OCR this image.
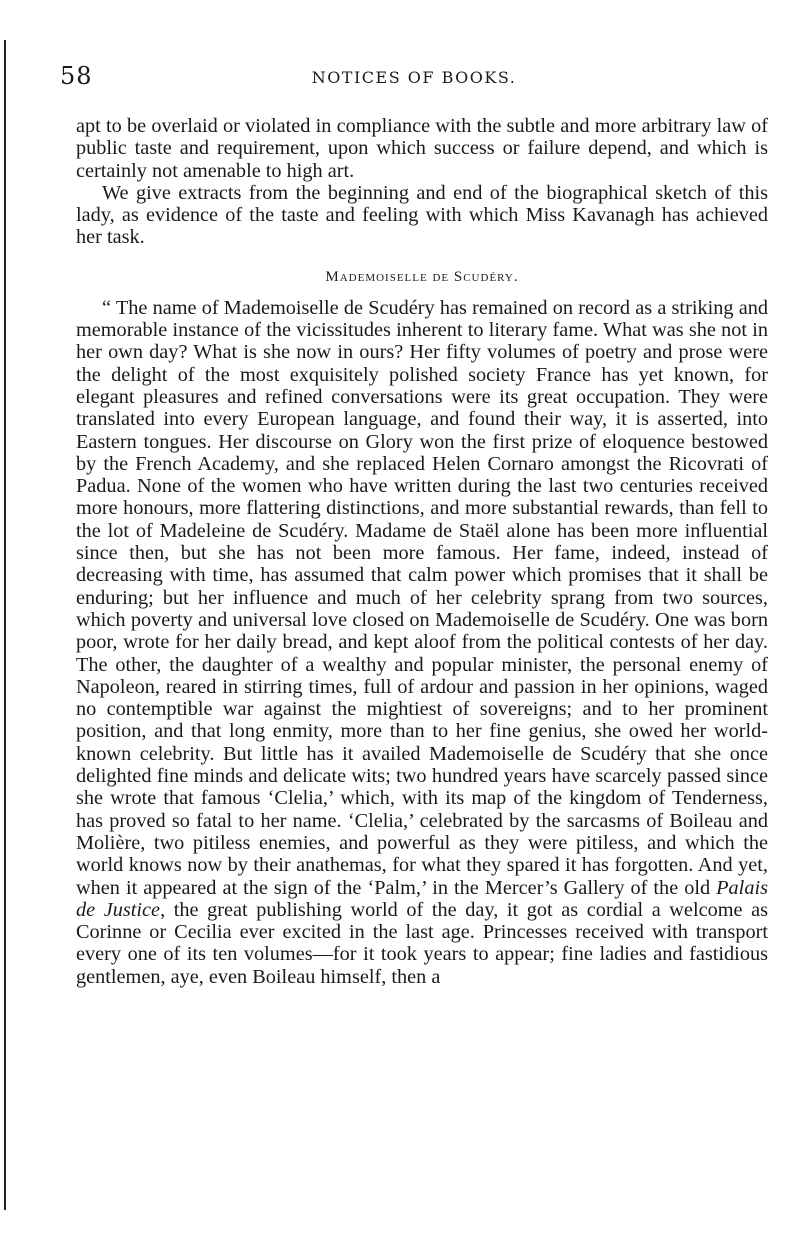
58	NOTICES OF BOOKS.

apt to be overlaid or violated in compliance with the subtle and more arbitrary law of public taste and requirement, upon which success or failure depend, and which is certainly not amenable to high art.

We give extracts from the beginning and end of the biographical sketch of this lady, as evidence of the taste and feeling with which Miss Kavanagh has achieved her task.

Mademoiselle de Scudéry.

“ The name of Mademoiselle de Scudéry has remained on record as a striking and memorable instance of the vicissitudes inherent to literary fame. What was she not in her own day? What is she now in ours? Her fifty volumes of poetry and prose were the delight of the most exquisitely polished society France has yet known, for elegant pleasures and refined conversations were its great occupation. They were translated into every European language, and found their way, it is asserted, into Eastern tongues. Her discourse on Glory won the first prize of eloquence bestowed by the French Academy, and she replaced Helen Cornaro amongst the Ricovrati of Padua. None of the women who have written during the last two centuries received more honours, more flattering distinctions, and more substantial rewards, than fell to the lot of Madeleine de Scudéry. Madame de Staël alone has been more influential since then, but she has not been more famous. Her fame, indeed, instead of decreasing with time, has assumed that calm power which promises that it shall be enduring; but her influence and much of her celebrity sprang from two sources, which poverty and universal love closed on Mademoiselle de Scudéry. One was born poor, wrote for her daily bread, and kept aloof from the political contests of her day. The other, the daughter of a wealthy and popular minister, the personal enemy of Napoleon, reared in stirring times, full of ardour and passion in her opinions, waged no contemptible war against the mightiest of sovereigns; and to her prominent position, and that long enmity, more than to her fine genius, she owed her world-known celebrity. But little has it availed Mademoiselle de Scudéry that she once delighted fine minds and delicate wits; two hundred years have scarcely passed since she wrote that famous ‘Clelia,’ which, with its map of the kingdom of Tenderness, has proved so fatal to her name. ‘Clelia,’ celebrated by the sarcasms of Boileau and Molière, two pitiless enemies, and powerful as they were pitiless, and which the world knows now by their anathemas, for what they spared it has forgotten. And yet, when it appeared at the sign of the ‘Palm,’ in the Mercer’s Gallery of the old Palais de Justice, the great publishing world of the day, it got as cordial a welcome as Corinne or Cecilia ever excited in the last age. Princesses received with transport every one of its ten volumes—for it took years to appear; fine ladies and fastidious gentlemen, aye, even Boileau himself, then a
